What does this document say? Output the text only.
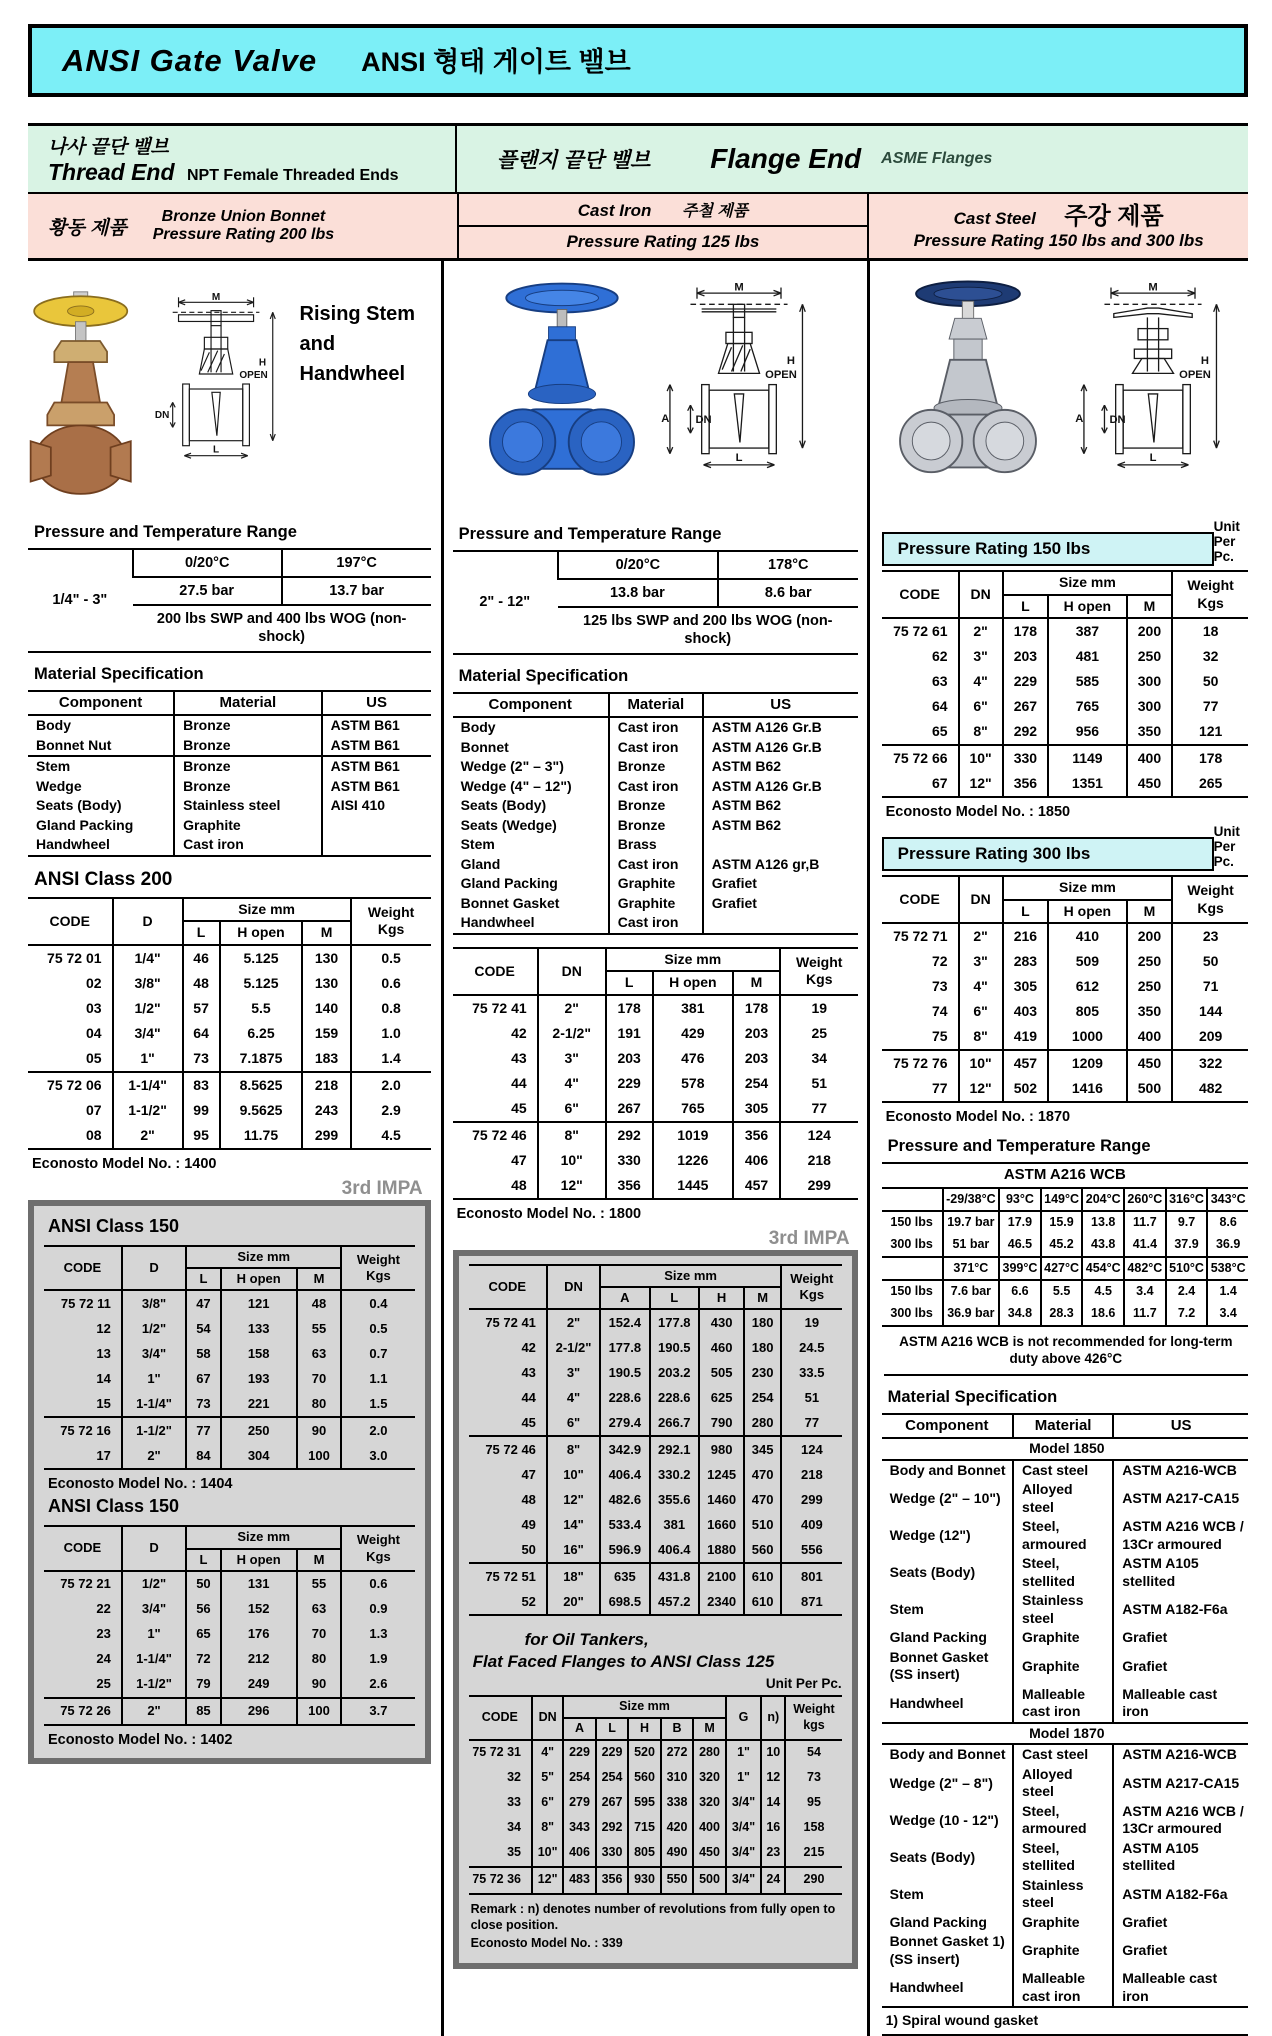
ANSI Gate Valve ANSI 형태 게이트 밸브
나사 끝단 밸브
Thread End NPT Female Threaded Ends
플랜지 끝단 밸브 Flange End ASME Flanges
황동 제품
Bronze Union Bonnet
Pressure Rating 200 lbs
Cast Iron 주철 제품
Pressure Rating 125 lbs
Cast Steel 주강 제품
Pressure Rating 150 lbs and 300 lbs
M
H
OPEN
DN
L
Rising Stem
and Handwheel
Pressure and Temperature Range
1/4" - 3"	0/20°C	197°C
	27.5 bar	13.7 bar
	200 lbs SWP and 400 lbs WOG (non-shock)	
Material Specification
Component	Material	US
Body	Bronze	ASTM B61
Bonnet Nut	Bronze	ASTM B61
Stem	Bronze	ASTM B61
Wedge	Bronze	ASTM B61
Seats (Body)	Stainless steel	AISI 410
Gland Packing	Graphite	
Handwheel	Cast iron	
ANSI Class 200
CODE	D	Size mm			Weight
Kgs

		L	H open	M	
75 72 01	1/4"	46	5.125	130	0.5
02	3/8"	48	5.125	130	0.6
03	1/2"	57	5.5	140	0.8
04	3/4"	64	6.25	159	1.0
05	1"	73	7.1875	183	1.4
75 72 06	1-1/4"	83	8.5625	218	2.0
07	1-1/2"	99	9.5625	243	2.9
08	2"	95	11.75	299	4.5
Econosto Model No. : 1400
3rd IMPA
ANSI Class 150
CODE	D	Size mm			Weight
Kgs

		L	H open	M	
75 72 11	3/8"	47	121	48	0.4
12	1/2"	54	133	55	0.5
13	3/4"	58	158	63	0.7
14	1"	67	193	70	1.1
15	1-1/4"	73	221	80	1.5
75 72 16	1-1/2"	77	250	90	2.0
17	2"	84	304	100	3.0
Econosto Model No. : 1404
ANSI Class 150
CODE	D	Size mm			Weight
Kgs

		L	H open	M	
75 72 21	1/2"	50	131	55	0.6
22	3/4"	56	152	63	0.9
23	1"	65	176	70	1.3
24	1-1/4"	72	212	80	1.9
25	1-1/2"	79	249	90	2.6
75 72 26	2"	85	296	100	3.7
Econosto Model No. : 1402
M
H
OPEN
A DN
L
Pressure and Temperature Range
2" - 12"	0/20°C	178°C
	13.8 bar	8.6 bar
	125 lbs SWP and 200 lbs WOG (non-shock)	
Material Specification
Component	Material	US
Body	Cast iron	ASTM A126 Gr.B
Bonnet	Cast iron	ASTM A126 Gr.B
Wedge (2" – 3")	Bronze	ASTM B62
Wedge (4" – 12")	Cast iron	ASTM A126 Gr.B
Seats (Body)	Bronze	ASTM B62
Seats (Wedge)	Bronze	ASTM B62
Stem	Brass	
Gland	Cast iron	ASTM A126 gr,B
Gland Packing	Graphite	Grafiet
Bonnet Gasket	Graphite	Grafiet
Handwheel	Cast iron	
CODE	DN	Size mm			Weight
Kgs

		L	H open	M	
75 72 41	2"	178	381	178	19
42	2-1/2"	191	429	203	25
43	3"	203	476	203	34
44	4"	229	578	254	51
45	6"	267	765	305	77
75 72 46	8"	292	1019	356	124
47	10"	330	1226	406	218
48	12"	356	1445	457	299
Econosto Model No. : 1800
3rd IMPA
CODE	DN	Size mm				Weight
Kgs

		A	L	H	M	
75 72 41	2"	152.4	177.8	430	180	19
42	2-1/2"	177.8	190.5	460	180	24.5
43	3"	190.5	203.2	505	230	33.5
44	4"	228.6	228.6	625	254	51
45	6"	279.4	266.7	790	280	77
75 72 46	8"	342.9	292.1	980	345	124
47	10"	406.4	330.2	1245	470	218
48	12"	482.6	355.6	1460	470	299
49	14"	533.4	381	1660	510	409
50	16"	596.9	406.4	1880	560	556
75 72 51	18"	635	431.8	2100	610	801
52	20"	698.5	457.2	2340	610	871
for Oil Tankers,
Flat Faced Flanges to ANSI Class 125
Unit Per Pc.
CODE	DN	Size mm					G	n)	Weight
kgs

		A	L	H	B	M			
75 72 31	4"	229	229	520	272	280	1"	10	54
32	5"	254	254	560	310	320	1"	12	73
33	6"	279	267	595	338	320	3/4"	14	95
34	8"	343	292	715	420	400	3/4"	16	158
35	10"	406	330	805	490	450	3/4"	23	215
75 72 36	12"	483	356	930	550	500	3/4"	24	290
Remark : n) denotes number of revolutions from fully open to close position.
Econosto Model No. : 339
M
H
OPEN
A DN
L
Pressure Rating 150 lbs
Unit Per Pc.
CODE	DN	Size mm			Weight
Kgs

		L	H open	M	
75 72 61	2"	178	387	200	18
62	3"	203	481	250	32
63	4"	229	585	300	50
64	6"	267	765	300	77
65	8"	292	956	350	121
75 72 66	10"	330	1149	400	178
67	12"	356	1351	450	265
Econosto Model No. : 1850
Pressure Rating 300 lbs
Unit Per Pc.
CODE	DN	Size mm			Weight
Kgs

		L	H open	M	
75 72 71	2"	216	410	200	23
72	3"	283	509	250	50
73	4"	305	612	250	71
74	6"	403	805	350	144
75	8"	419	1000	400	209
75 72 76	10"	457	1209	450	322
77	12"	502	1416	500	482
Econosto Model No. : 1870
Pressure and Temperature Range
ASTM A216 WCB							
	-29/38°C	93°C	149°C	204°C	260°C	316°C	343°C
150 lbs	19.7 bar	17.9	15.9	13.8	11.7	9.7	8.6
300 lbs	51 bar	46.5	45.2	43.8	41.4	37.9	36.9
	371°C	399°C	427°C	454°C	482°C	510°C	538°C
150 lbs	7.6 bar	6.6	5.5	4.5	3.4	2.4	1.4
300 lbs	36.9 bar	34.8	28.3	18.6	11.7	7.2	3.4
ASTM A216 WCB is not recommended for long-term duty above 426°C
Material Specification
Component	Material	US
Model 1850		
Body and Bonnet	Cast steel	ASTM A216-WCB
Wedge (2" – 10")	Alloyed steel	ASTM A217-CA15
Wedge (12")	Steel, armoured	ASTM A216 WCB / 13Cr armoured
Seats (Body)	Steel, stellited	ASTM A105 stellited
Stem	Stainless steel	ASTM A182-F6a
Gland Packing	Graphite	Grafiet
Bonnet Gasket (SS insert)	Graphite	Grafiet
Handwheel	Malleable cast iron	Malleable cast iron
Model 1870		
Body and Bonnet	Cast steel	ASTM A216-WCB
Wedge (2" – 8")	Alloyed steel	ASTM A217-CA15
Wedge (10 - 12")	Steel, armoured	ASTM A216 WCB / 13Cr armoured
Seats (Body)	Steel, stellited	ASTM A105 stellited
Stem	Stainless steel	ASTM A182-F6a
Gland Packing	Graphite	Grafiet
Bonnet Gasket 1) (SS insert)	Graphite	Grafiet
Handwheel	Malleable cast iron	Malleable cast iron
1) Spiral wound gasket
